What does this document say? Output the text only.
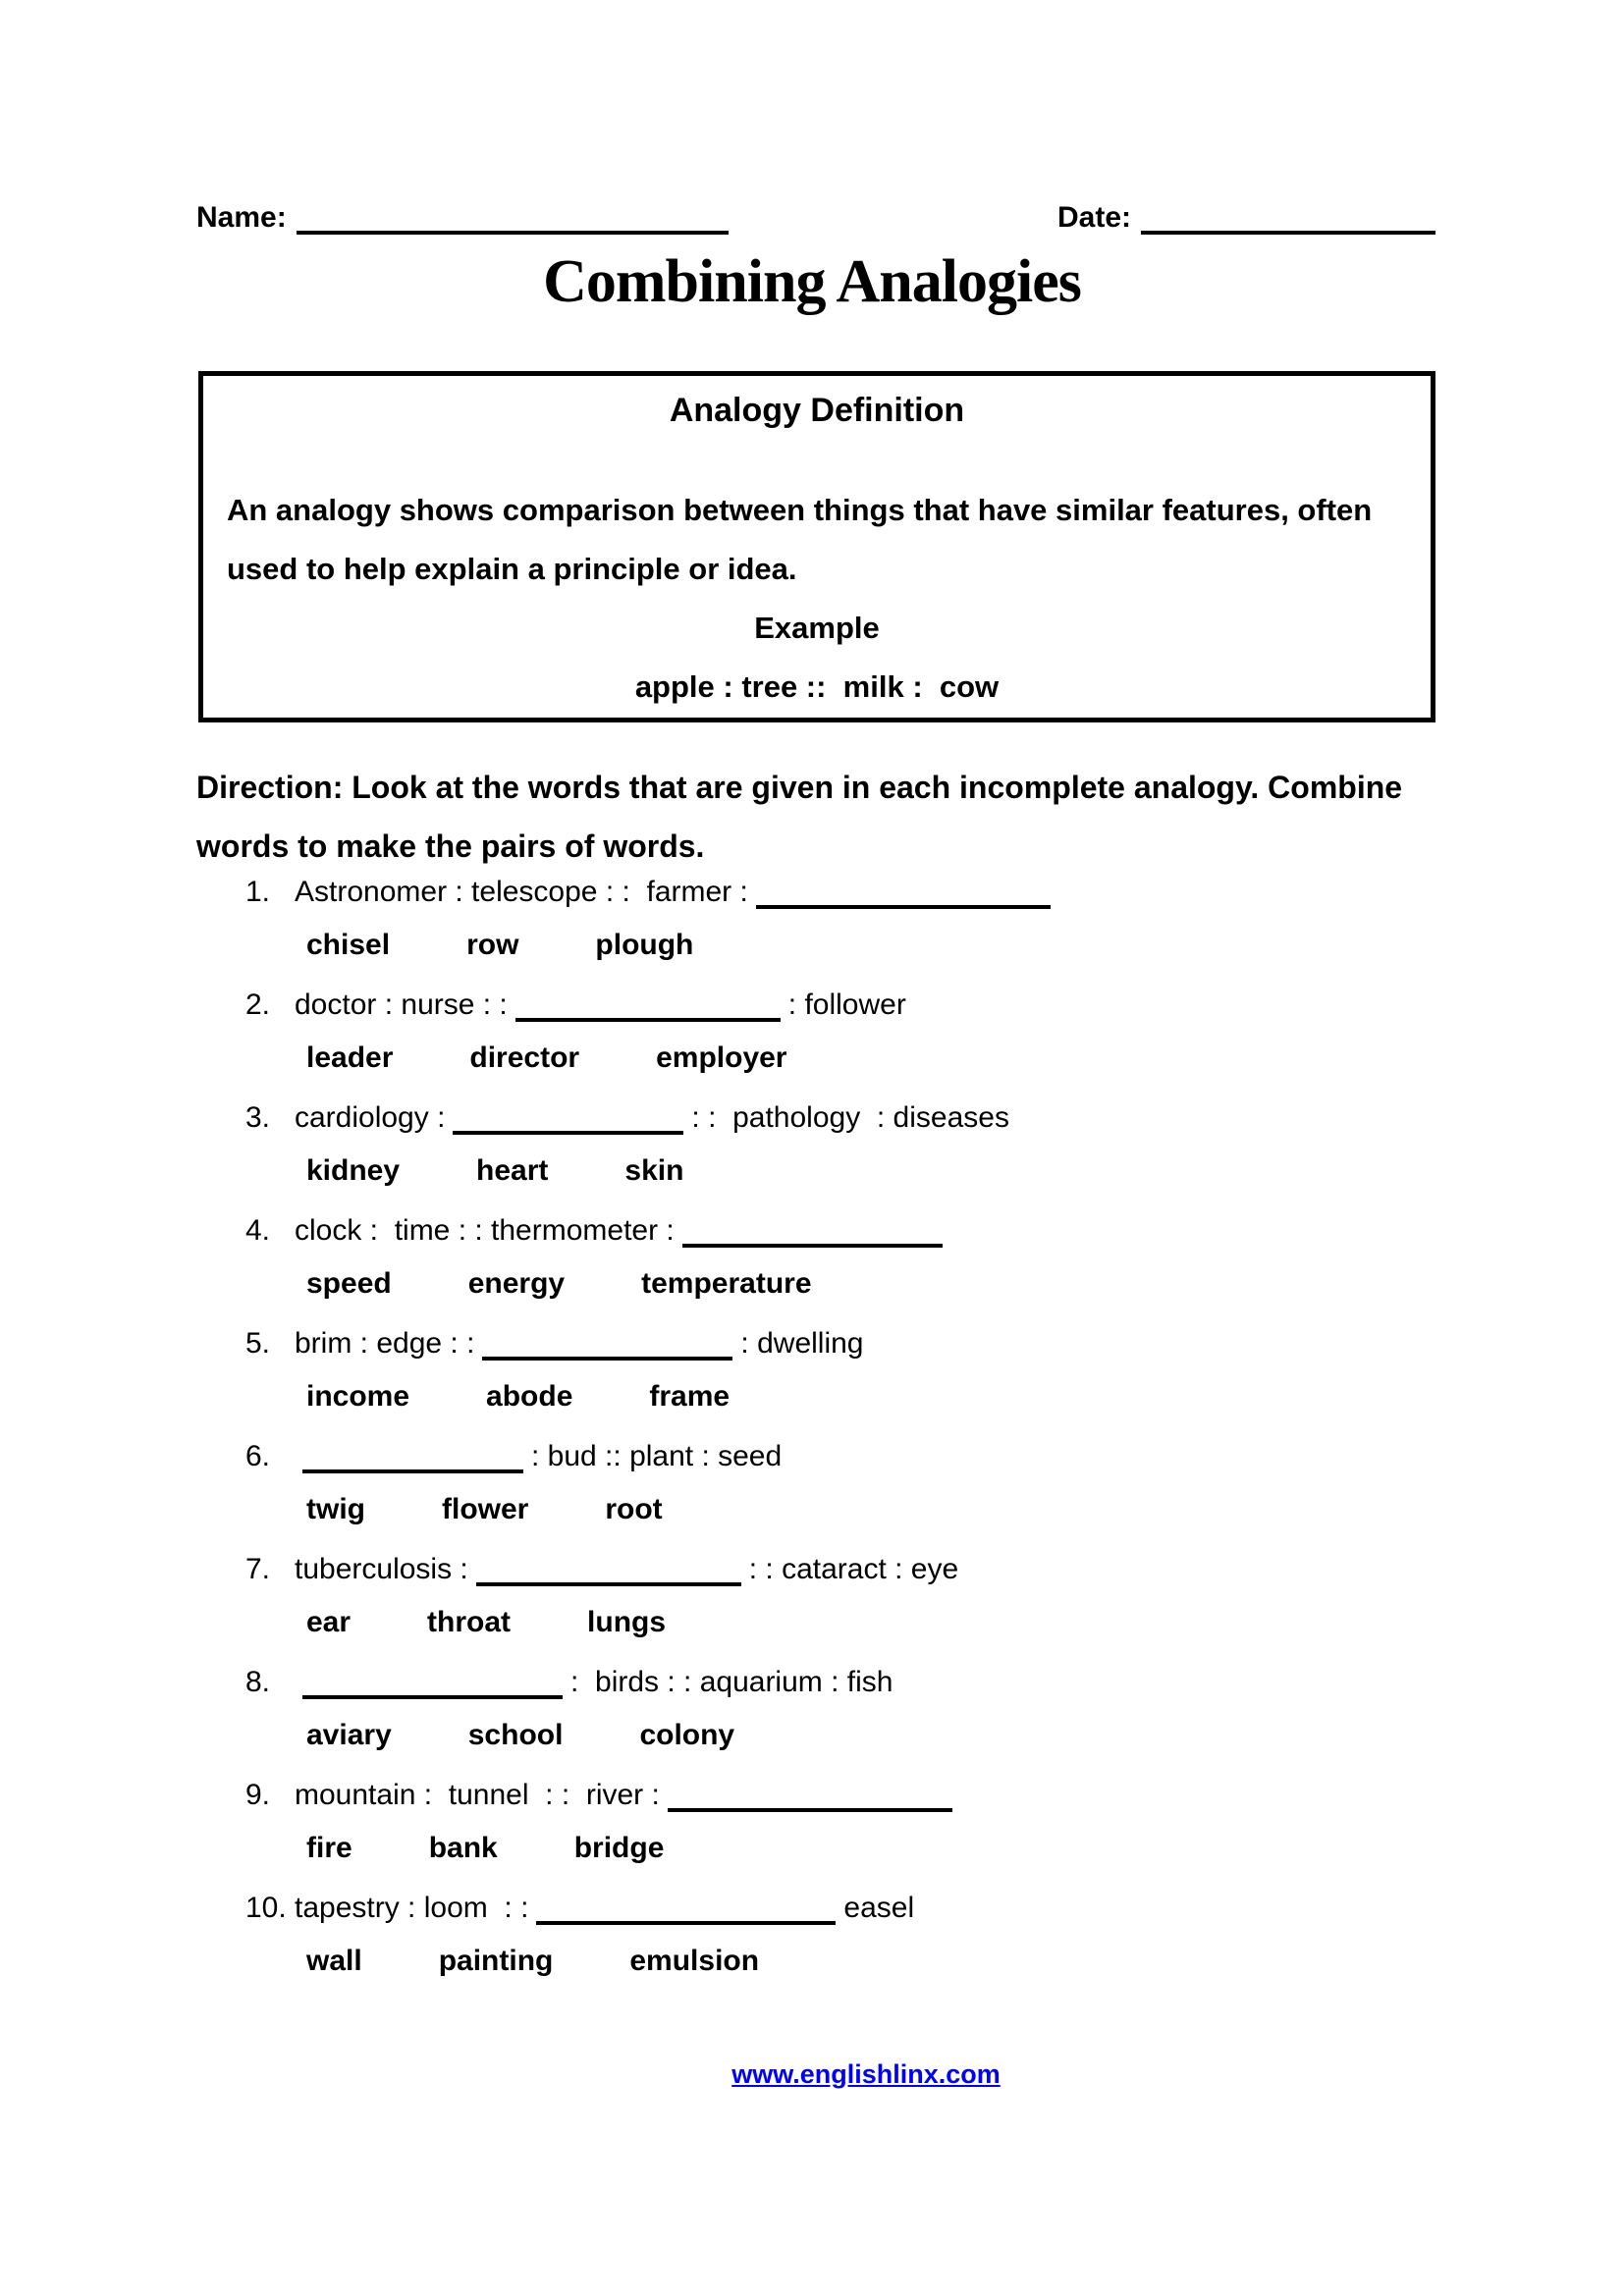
Name:	Date:
Combining Analogies
Analogy Definition

An analogy shows comparison between things that have similar features, often used to help explain a principle or idea.

Example
apple : tree ::  milk :  cow

Direction: Look at the words that are given in each incomplete analogy. Combine words to make the pairs of words.

1. Astronomer : telescope : :  farmer :
chisel	row	plough
2. doctor : nurse : :	: follower
leader	director	employer
3. cardiology :	: :  pathology  : diseases
kidney	heart	skin
4. clock :  time : : thermometer :
speed	energy	temperature
5. brim : edge : :	: dwelling
income	abode	frame
6.	: bud :: plant : seed
twig	flower	root
7. tuberculosis :	: : cataract : eye
ear	throat	lungs
8.	:  birds : : aquarium : fish
aviary	school	colony
9. mountain :  tunnel  : :  river :
fire	bank	bridge
10. tapestry : loom  : :	easel
wall	painting	emulsion
www.englishlinx.com
